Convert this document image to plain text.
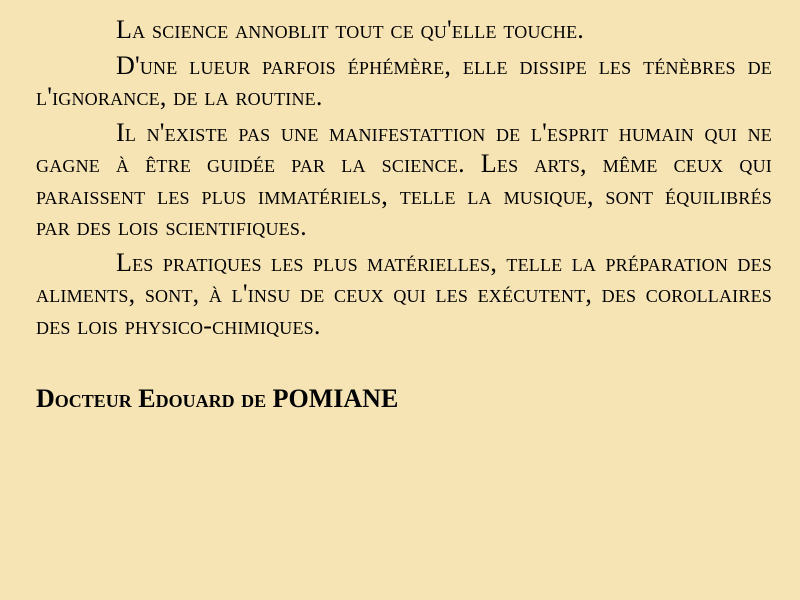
La science annoblit tout ce qu'elle touche.

D'une lueur parfois éphémère, elle dissipe les ténèbres de l'ignorance, de la routine.

Il n'existe pas une manifestattion de l'esprit humain qui ne gagne à être guidée par la science. Les arts, même ceux qui paraissent les plus immatériels, telle la musique, sont équilibrés par des lois scientifiques.

Les pratiques les plus matérielles, telle la préparation des aliments, sont, à l'insu de ceux qui les exécutent, des corollaires des lois physico-chimiques.

Docteur Edouard de POMIANE
